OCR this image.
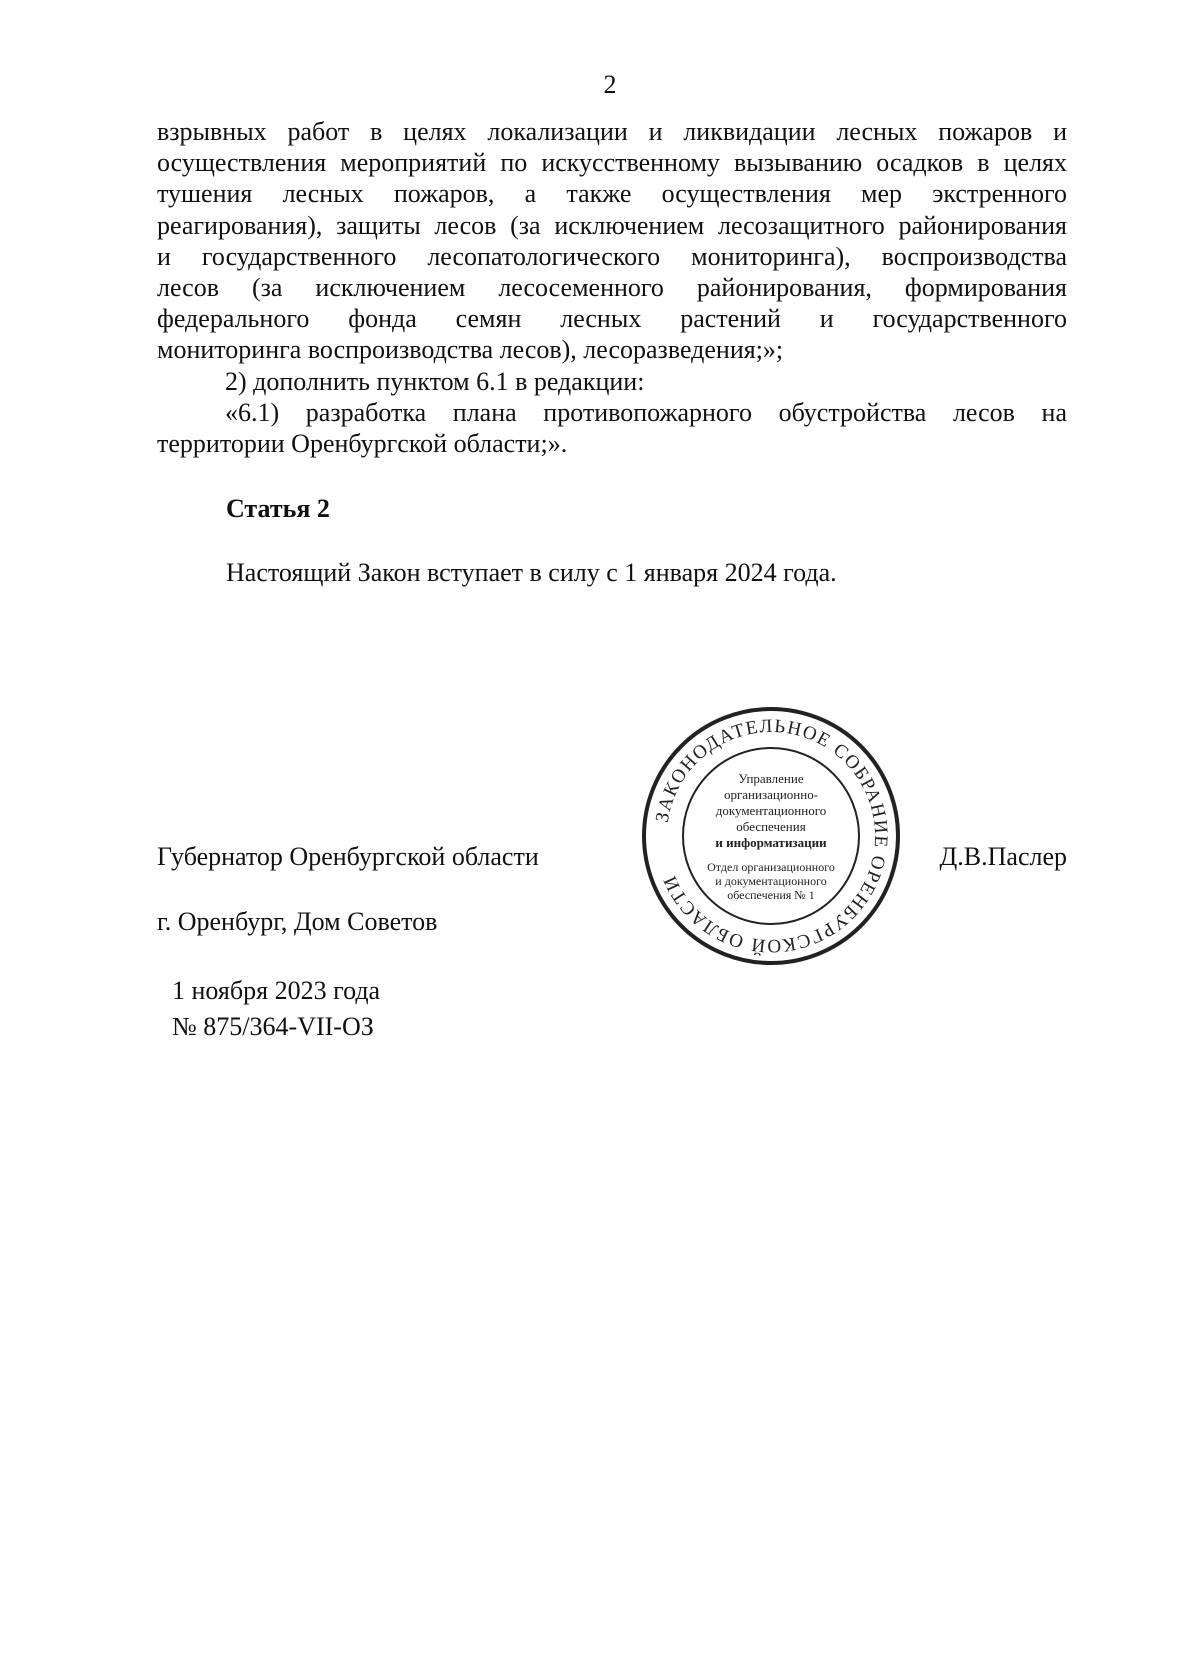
2

взрывных работ в целях локализации и ликвидации лесных пожаров и

осуществления мероприятий по искусственному вызыванию осадков в целях

тушения лесных пожаров, а также осуществления мер экстренного

реагирования), защиты лесов (за исключением лесозащитного районирования

и государственного лесопатологического мониторинга), воспроизводства

лесов (за исключением лесосеменного районирования, формирования

федерального фонда семян лесных растений и государственного

мониторинга воспроизводства лесов), лесоразведения;»;

2) дополнить пунктом 6.1 в редакции:

«6.1) разработка плана противопожарного обустройства лесов на

территории Оренбургской области;».

Статья 2
Настоящий Закон вступает в силу с 1 января 2024 года.
Губернатор Оренбургской области	Д.В.Паслер
г. Оренбург, Дом Советов
1 ноября 2023 года
№ 875/364-VII-ОЗ
ЗАКОНОДАТЕЛЬНОЕ СОБРАНИЕ ОРЕНБУРГСКОЙ ОБЛАСТИ
Управление
организационно-
документационного
обеспечения
и информатизации
Отдел организационного
и документационного
обеспечения № 1
